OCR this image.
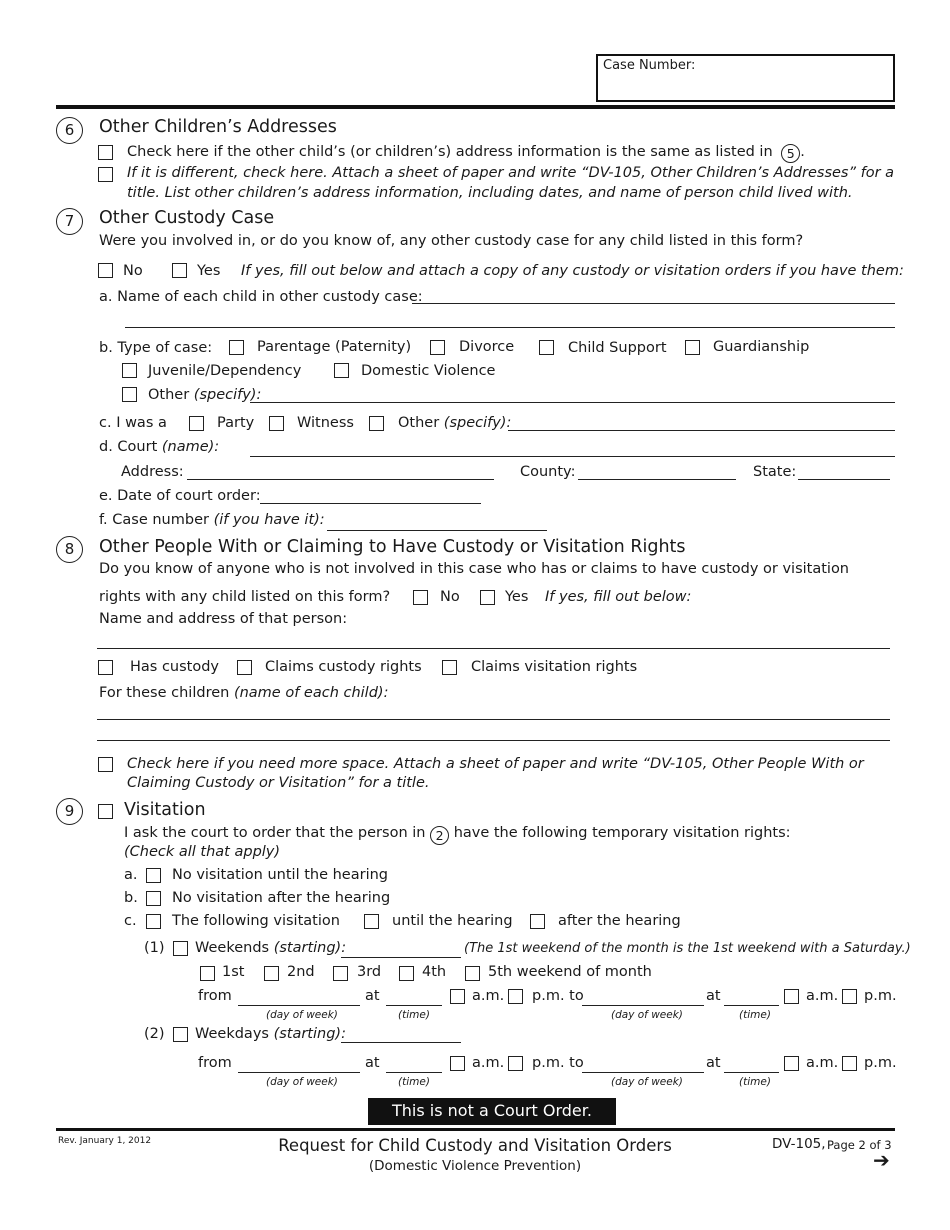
Case Number:
6	Other Children’s Addresses
Check here if the other child’s (or children’s) address information is the same as listed in 5 .
If it is different, check here. Attach a sheet of paper and write “DV-105, Other Children’s Addresses” for a
title. List other children’s address information, including dates, and name of person child lived with.
7	Other Custody Case
Were you involved in, or do you know of, any other custody case for any child listed in this form?
No	Yes If yes, fill out below and attach a copy of any custody or visitation orders if you have them:
a. Name of each child in other custody case:
b. Type of case:	Parentage (Paternity)	Divorce	Child Support	Guardianship
Juvenile/Dependency	Domestic Violence
Other (specify):
c. I was a	Party	Witness	Other (specify):
d. Court (name):
Address:	County:	State:
e. Date of court order:
f. Case number (if you have it):
8	Other People With or Claiming to Have Custody or Visitation Rights
Do you know of anyone who is not involved in this case who has or claims to have custody or visitation
rights with any child listed on this form?	No	Yes If yes, fill out below:
Name and address of that person:
Has custody	Claims custody rights	Claims visitation rights
For these children (name of each child):
Check here if you need more space. Attach a sheet of paper and write “DV-105, Other People With or
Claiming Custody or Visitation” for a title.
9	Visitation
I ask the court to order that the person in 2 have the following temporary visitation rights:
(Check all that apply)
a. No visitation until the hearing
b. No visitation after the hearing
c. The following visitation	until the hearing	after the hearing
(1) Weekends (starting):	(The 1st weekend of the month is the 1st weekend with a Saturday.)
1st	2nd	3rd	4th	5th weekend of month
from	at	a.m. p.m. to	at	a.m. p.m.
(day of week)	(time)	(day of week)	(time)
(2) Weekdays (starting):
from	at	a.m. p.m. to	at	a.m. p.m.
(day of week)	(time)	(day of week)	(time)
This is not a Court Order.
Rev. January 1, 2012	Request for Child Custody and Visitation Orders
(Domestic Violence Prevention)
DV-105, Page 2 of 3
➔
